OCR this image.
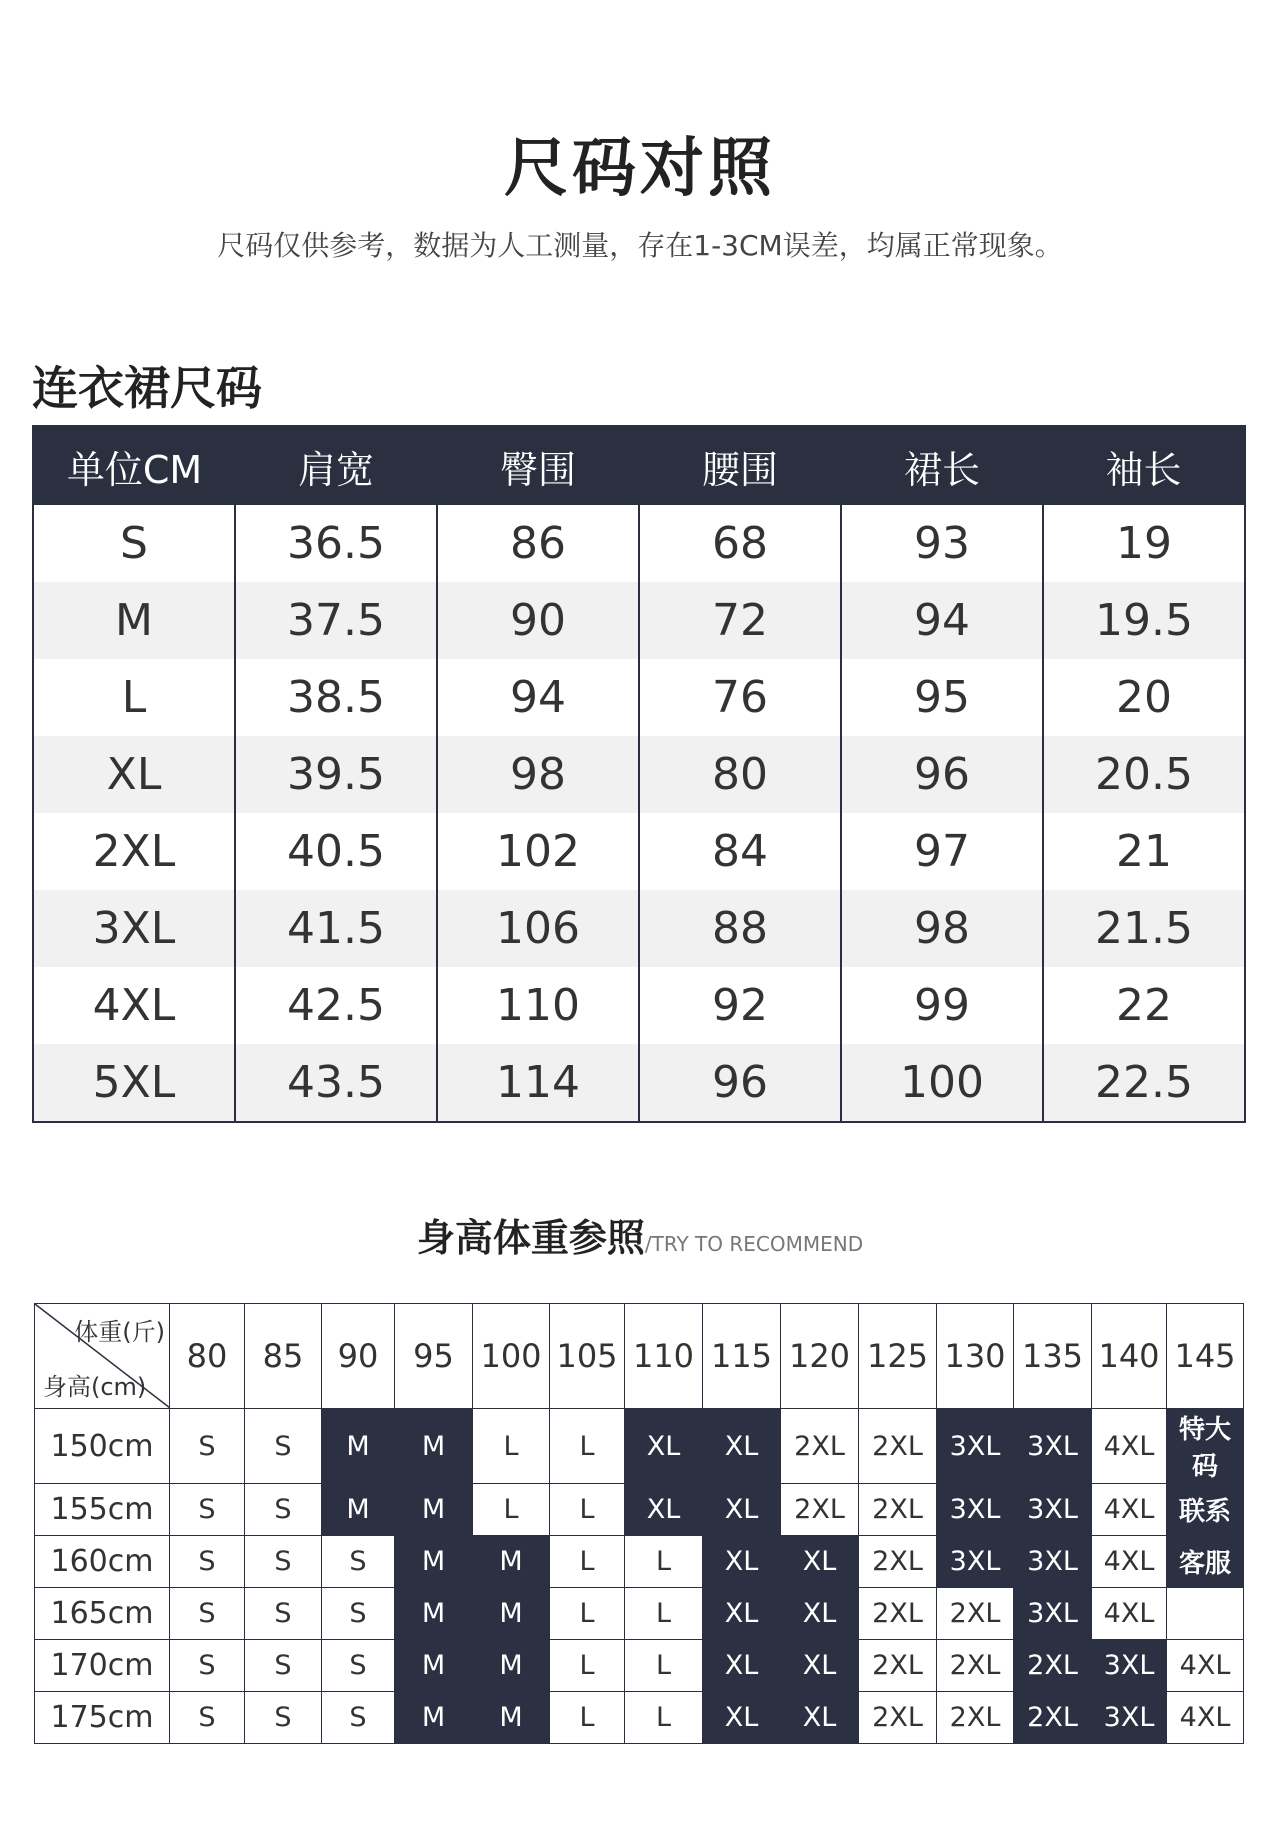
尺码对照
尺码仅供参考，数据为人工测量，存在1-3CM误差，均属正常现象。
连衣裙尺码
单位CM	肩宽	臀围	腰围	裙长	袖长
S	36.5	86	68	93	19
M	37.5	90	72	94	19.5
L	38.5	94	76	95	20
XL	39.5	98	80	96	20.5
2XL	40.5	102	84	97	21
3XL	41.5	106	88	98	21.5
4XL	42.5	110	92	99	22
5XL	43.5	114	96	100	22.5
身高体重参照/TRY TO RECOMMEND
体重(斤)
身高(cm)	80	85	90	95	100	105	110	115	120	125	130	135	140	145
150cm	S	S	M	M	L	L	XL	XL	2XL	2XL	3XL	3XL	4XL	特大码
155cm	S	S	M	M	L	L	XL	XL	2XL	2XL	3XL	3XL	4XL	联系
160cm	S	S	S	M	M	L	L	XL	XL	2XL	3XL	3XL	4XL	客服
165cm	S	S	S	M	M	L	L	XL	XL	2XL	2XL	3XL	4XL	
170cm	S	S	S	M	M	L	L	XL	XL	2XL	2XL	2XL	3XL	4XL
175cm	S	S	S	M	M	L	L	XL	XL	2XL	2XL	2XL	3XL	4XL
